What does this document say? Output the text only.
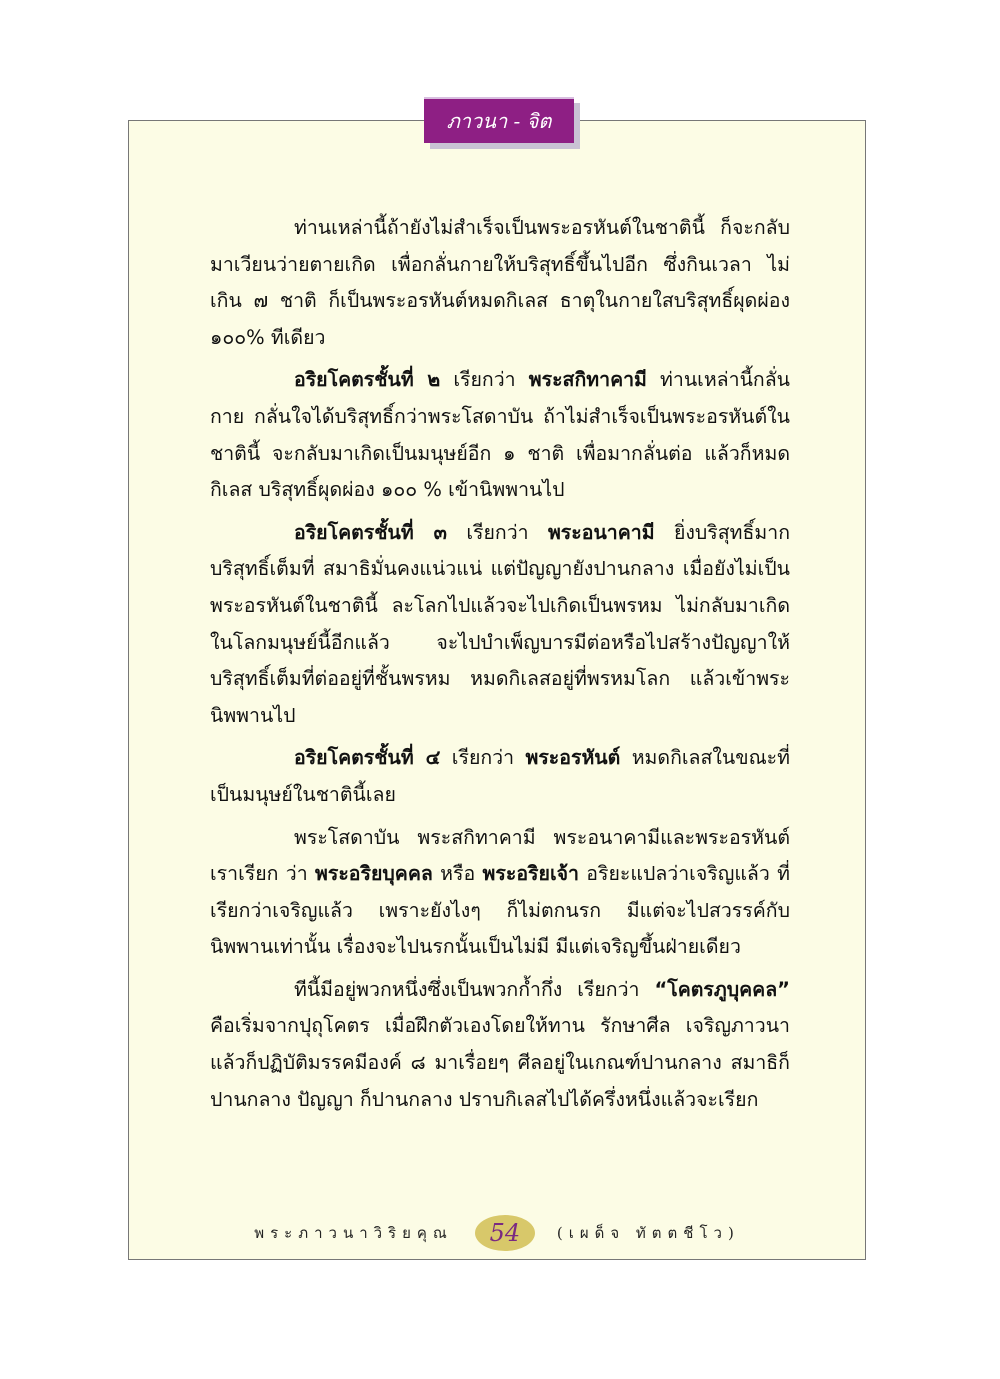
ภาวนา - จิต

ท่านเหล่านี้ถ้ายังไม่สำเร็จเป็นพระอรหันต์ในชาตินี้ ก็จะกลับมาเวียนว่ายตายเกิด เพื่อกลั่นกายให้บริสุทธิ์ขึ้นไปอีก ซึ่งกินเวลา ไม่เกิน ๗ ชาติ ก็เป็นพระอรหันต์หมดกิเลส ธาตุในกายใสบริสุทธิ์ผุดผ่อง ๑๐๐% ทีเดียว

อริยโคตรชั้นที่ ๒ เรียกว่า พระสกิทาคามี ท่านเหล่านี้กลั่นกาย กลั่นใจได้บริสุทธิ์กว่าพระโสดาบัน ถ้าไม่สำเร็จเป็นพระอรหันต์ในชาตินี้ จะกลับมาเกิดเป็นมนุษย์อีก ๑ ชาติ เพื่อมากลั่นต่อ แล้วก็หมดกิเลส บริสุทธิ์ผุดผ่อง ๑๐๐ % เข้านิพพานไป

อริยโคตรชั้นที่ ๓ เรียกว่า พระอนาคามี ยิ่งบริสุทธิ์มาก บริสุทธิ์เต็มที่ สมาธิมั่นคงแน่วแน่ แต่ปัญญายังปานกลาง เมื่อยังไม่เป็นพระอรหันต์ในชาตินี้ ละโลกไปแล้วจะไปเกิดเป็นพรหม ไม่กลับมาเกิดในโลกมนุษย์นี้อีกแล้ว จะไปบำเพ็ญบารมีต่อหรือไปสร้างปัญญาให้บริสุทธิ์เต็มที่ต่ออยู่ที่ชั้นพรหม หมดกิเลสอยู่ที่พรหมโลก แล้วเข้าพระนิพพานไป

อริยโคตรชั้นที่ ๔ เรียกว่า พระอรหันต์ หมดกิเลสในขณะที่เป็นมนุษย์ในชาตินี้เลย

พระโสดาบัน พระสกิทาคามี พระอนาคามีและพระอรหันต์ เราเรียก ว่า พระอริยบุคคล หรือ พระอริยเจ้า อริยะแปลว่าเจริญแล้ว ที่เรียกว่าเจริญแล้ว เพราะยังไงๆ ก็ไม่ตกนรก มีแต่จะไปสวรรค์กับนิพพานเท่านั้น เรื่องจะไปนรกนั้นเป็นไม่มี มีแต่เจริญขึ้นฝ่ายเดียว

ทีนี้มีอยู่พวกหนึ่งซึ่งเป็นพวกก้ำกึ่ง เรียกว่า “โคตรภูบุคคล” คือเริ่มจากปุถุโคตร เมื่อฝึกตัวเองโดยให้ทาน รักษาศีล เจริญภาวนา แล้วก็ปฏิบัติมรรคมีองค์ ๘ มาเรื่อยๆ ศีลอยู่ในเกณฑ์ปานกลาง สมาธิก็ปานกลาง ปัญญา ก็ปานกลาง ปราบกิเลสไปได้ครึ่งหนึ่งแล้วจะเรียก

พระภาวนาวิริยคุณ	54	(เผด็จ ทัตตชีโว)
